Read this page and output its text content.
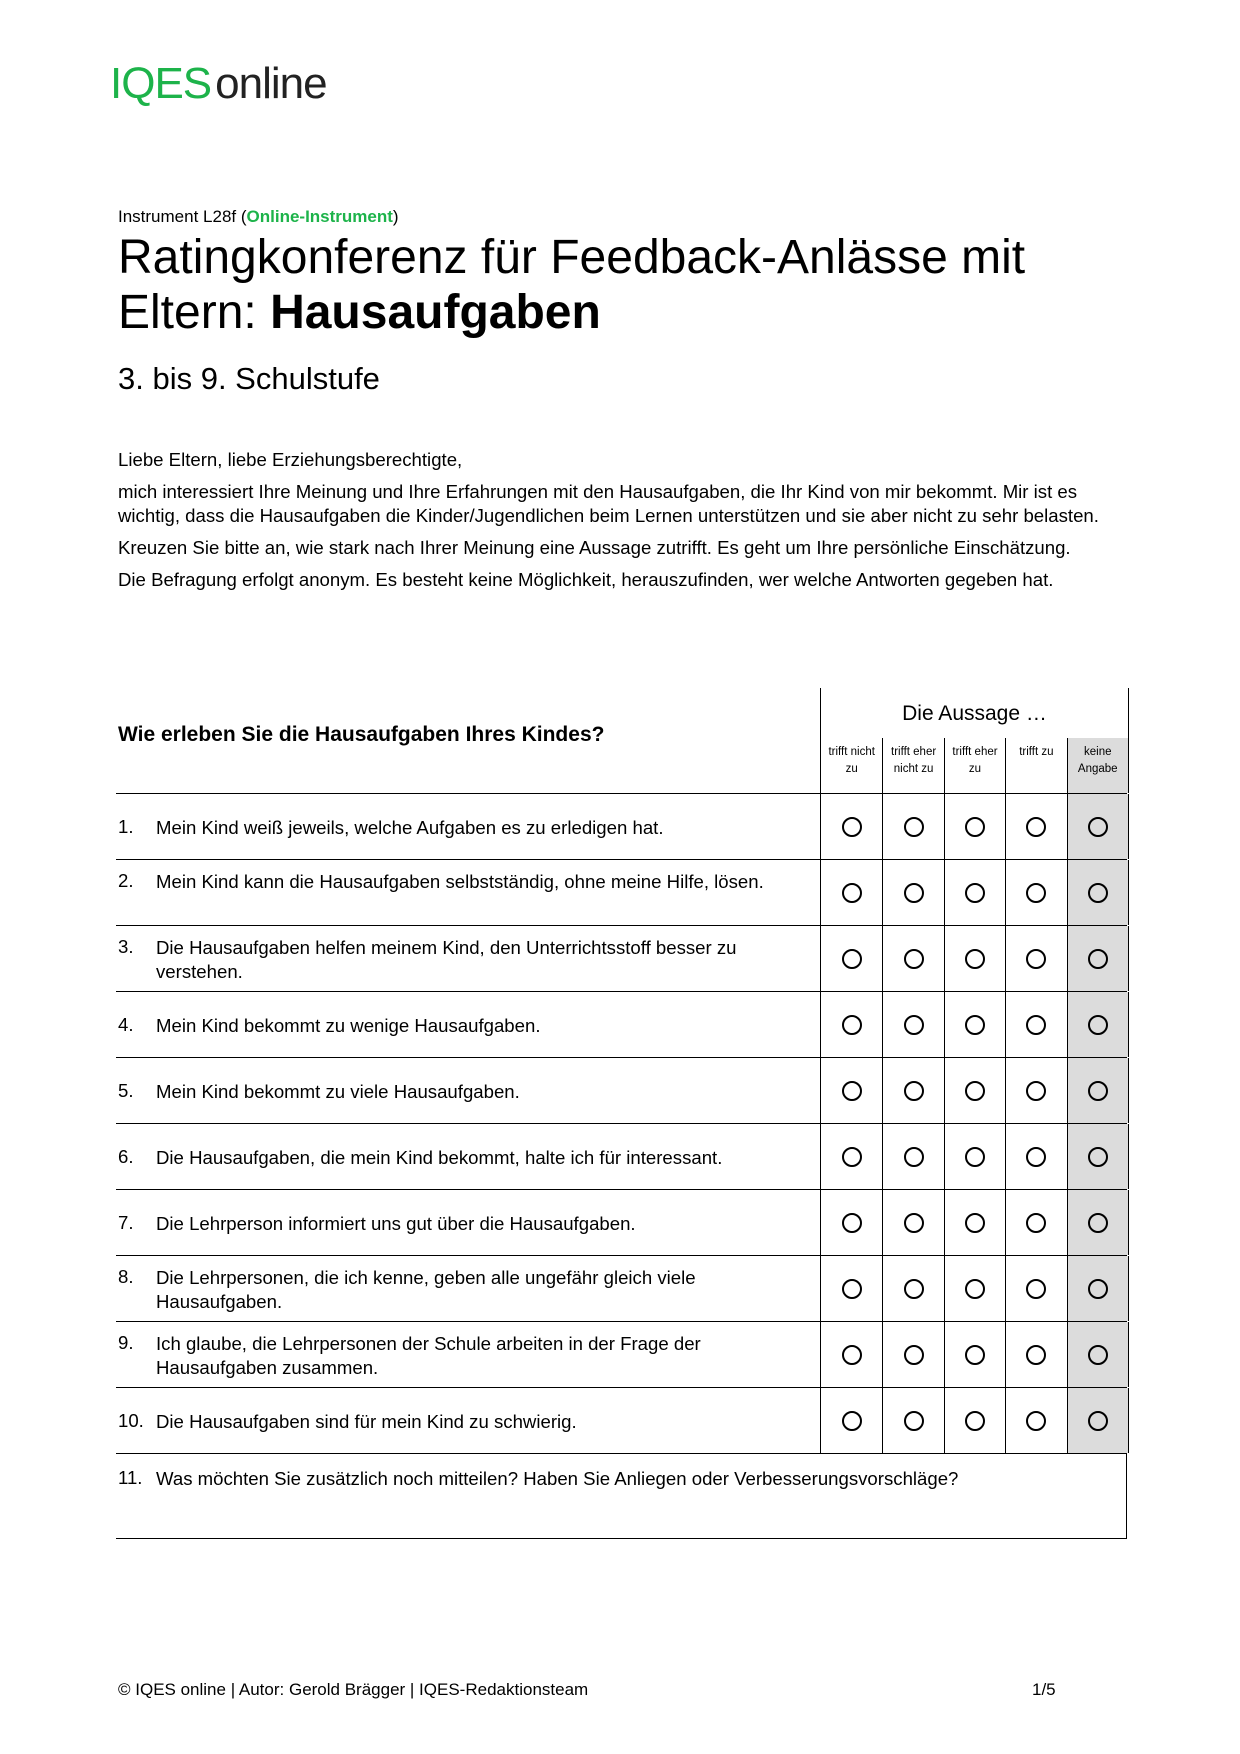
IQESonline
Instrument L28f (Online-Instrument)
Ratingkonferenz für Feedback-Anlässe mit
Eltern: Hausaufgaben
3. bis 9. Schulstufe

Liebe Eltern, liebe Erziehungsberechtigte,

mich interessiert Ihre Meinung und Ihre Erfahrungen mit den Hausaufgaben, die Ihr Kind von mir bekommt. Mir ist es wichtig, dass die Hausaufgaben die Kinder/Jugendlichen beim Lernen unterstützen und sie aber nicht zu sehr belasten.

Kreuzen Sie bitte an, wie stark nach Ihrer Meinung eine Aussage zutrifft. Es geht um Ihre persönliche Einschätzung.

Die Befragung erfolgt anonym. Es besteht keine Möglichkeit, herauszufinden, wer welche Antworten gegeben hat.

Wie erleben Sie die Hausaufgaben Ihres Kindes?
Die Aussage …
trifft nicht zu
trifft eher nicht zu
trifft eher zu
trifft zu	keine Angabe
1. Mein Kind weiß jeweils, welche Aufgaben es zu erledigen hat.
2. Mein Kind kann die Hausaufgaben selbstständig, ohne meine Hilfe, lösen.
3. Die Hausaufgaben helfen meinem Kind, den Unterrichtsstoff besser zu verstehen.
4. Mein Kind bekommt zu wenige Hausaufgaben.
5. Mein Kind bekommt zu viele Hausaufgaben.
6. Die Hausaufgaben, die mein Kind bekommt, halte ich für interessant.
7. Die Lehrperson informiert uns gut über die Hausaufgaben.
8. Die Lehrpersonen, die ich kenne, geben alle ungefähr gleich viele Hausaufgaben.
9. Ich glaube, die Lehrpersonen der Schule arbeiten in der Frage der Hausaufgaben zusammen.
10. Die Hausaufgaben sind für mein Kind zu schwierig.
11. Was möchten Sie zusätzlich noch mitteilen? Haben Sie Anliegen oder Verbesserungsvorschläge?
© IQES online | Autor: Gerold Brägger | IQES-Redaktionsteam	1/5
